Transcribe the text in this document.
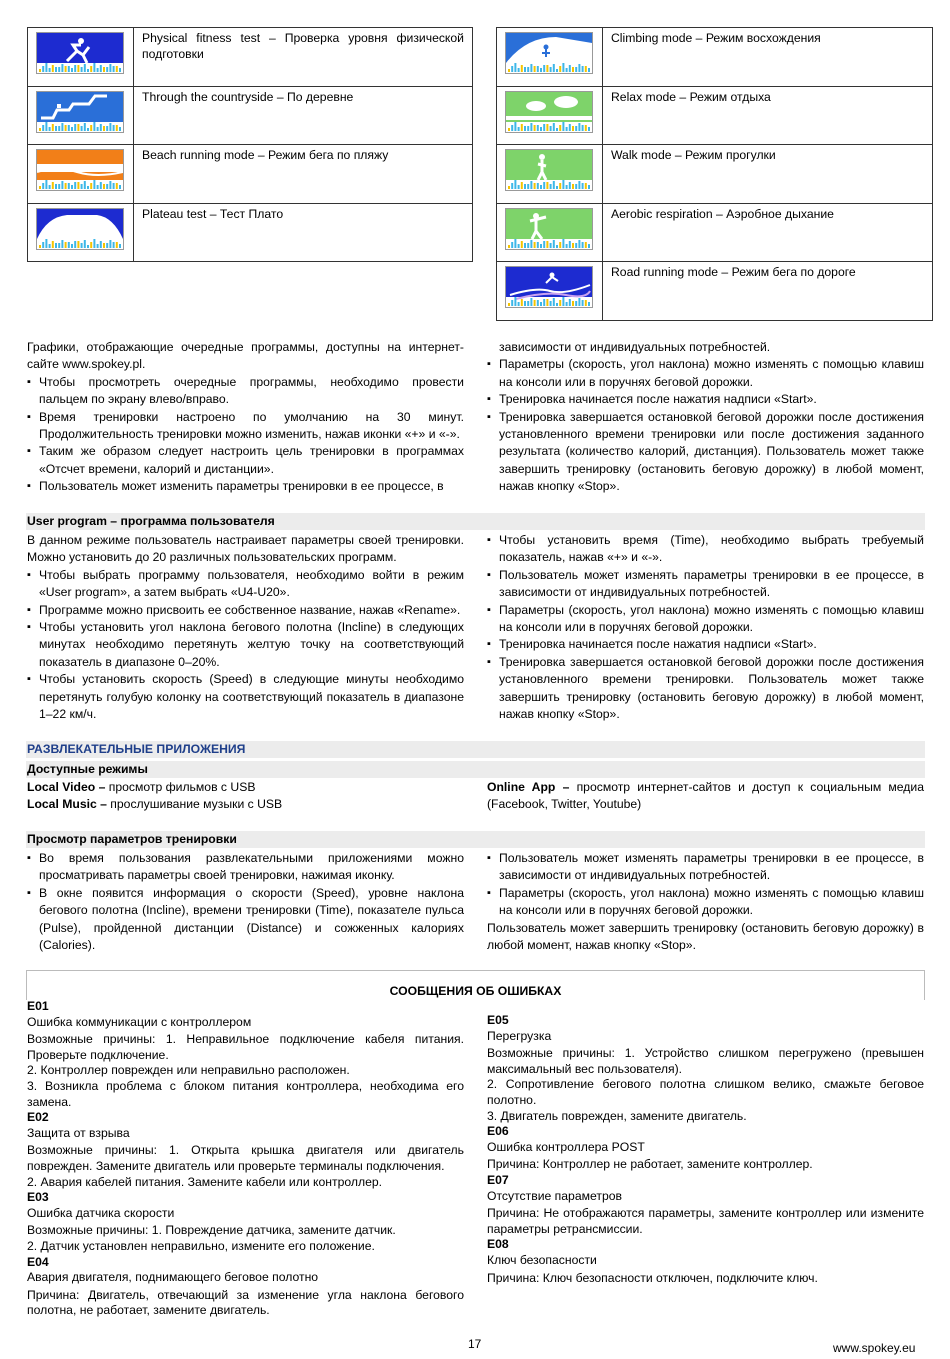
	Physical fitness test – Проверка уровня физической подготовки

	Through the countryside – По деревне

	Beach running mode – Режим бега по пляжу

	Plateau test – Тест Плато
	Climbing mode – Режим восхождения

	Relax mode – Режим отдыха

	Walk mode – Режим прогулки

	Aerobic respiration – Аэробное дыхание

	Road running mode – Режим бега по дороге

Графики, отображающие очередные программы, доступны на интернет-сайте www.spokey.pl.

▪ Чтобы просмотреть очередные программы, необходимо провести пальцем по экрану влево/вправо.
▪ Время тренировки настроено по умолчанию на 30 минут. Продолжительность тренировки можно изменить, нажав иконки «+» и «-».
▪ Таким же образом следует настроить цель тренировки в программах «Отсчет времени, калорий и дистанции».
▪ Пользователь может изменить параметры тренировки в ее процессе, в

зависимости от индивидуальных потребностей.

▪ Параметры (скорость, угол наклона) можно изменять с помощью клавиш на консоли или в поручнях беговой дорожки.
▪ Тренировка начинается после нажатия надписи «Start».
▪ Тренировка завершается остановкой беговой дорожки после достижения установленного времени тренировки или после достижения заданного результата (количество калорий, дистанция). Пользователь может также завершить тренировку (остановить беговую дорожку) в любой момент, нажав кнопку «Stop».
User program – программа пользователя

В данном режиме пользователь настраивает параметры своей тренировки. Можно установить до 20 различных пользовательских программ.

▪ Чтобы выбрать программу пользователя, необходимо войти в режим «User program», а затем выбрать «U4-U20».
▪ Программе можно присвоить ее собственное название, нажав «Rename».
▪ Чтобы установить угол наклона бегового полотна (Incline) в следующих минутах необходимо перетянуть желтую точку на соответствующий показатель в диапазоне 0–20%.
▪ Чтобы установить скорость (Speed) в следующие минуты необходимо перетянуть голубую колонку на соответствующий показатель в диапазоне 1–22 км/ч.
▪ Чтобы установить время (Time), необходимо выбрать требуемый показатель, нажав «+» и «-».
▪ Пользователь может изменять параметры тренировки в ее процессе, в зависимости от индивидуальных потребностей.
▪ Параметры (скорость, угол наклона) можно изменять с помощью клавиш на консоли или в поручнях беговой дорожки.
▪ Тренировка начинается после нажатия надписи «Start».
▪ Тренировка завершается остановкой беговой дорожки после достижения установленного времени тренировки. Пользователь может также завершить тренировку (остановить беговую дорожку) в любой момент, нажав кнопку «Stop».
РАЗВЛЕКАТЕЛЬНЫЕ ПРИЛОЖЕНИЯ
Доступные режимы

Local Video – просмотр фильмов с USB

Local Music – прослушивание музыки с USB

Online App – просмотр интернет-сайтов и доступ к социальным медиа (Facebook, Twitter, Youtube)

Просмотр параметров тренировки
▪ Во время пользования развлекательными приложениями можно просматривать параметры своей тренировки, нажимая иконку.
▪ В окне появится информация о скорости (Speed), уровне наклона бегового полотна (Incline), времени тренировки (Time), показателе пульса (Pulse), пройденной дистанции (Distance) и сожженных калориях (Calories).
▪ Пользователь может изменять параметры тренировки в ее процессе, в зависимости от индивидуальных потребностей.
▪ Параметры (скорость, угол наклона) можно изменять с помощью клавиш на консоли или в поручнях беговой дорожки.

Пользователь может завершить тренировку (остановить беговую дорожку) в любой момент, нажав кнопку «Stop».

СООБЩЕНИЯ ОБ ОШИБКАХ

E01

Ошибка коммуникации с контроллером

Возможные причины: 1. Неправильное подключение кабеля питания. Проверьте подключение.

2. Контроллер поврежден или неправильно расположен.

3. Возникла проблема с блоком питания контроллера, необходима его замена.

E02

Защита от взрыва

Возможные причины: 1. Открыта крышка двигателя или двигатель поврежден. Замените двигатель или проверьте терминалы подключения.

2. Авария кабелей питания. Замените кабели или контроллер.

E03

Ошибка датчика скорости

Возможные причины: 1. Повреждение датчика, замените датчик.

2. Датчик установлен неправильно, измените его положение.

E04

Авария двигателя, поднимающего беговое полотно

Причина: Двигатель, отвечающий за изменение угла наклона бегового полотна, не работает, замените двигатель.

E05

Перегрузка

Возможные причины: 1. Устройство слишком перегружено (превышен максимальный вес пользователя).

2. Сопротивление бегового полотна слишком велико, смажьте беговое полотно.

3. Двигатель поврежден, замените двигатель.

E06

Ошибка контроллера POST

Причина: Контроллер не работает, замените контроллер.

E07

Отсутствие параметров

Причина: Не отображаются параметры, замените контроллер или измените параметры ретрансмиссии.

E08

Ключ безопасности

Причина: Ключ безопасности отключен, подключите ключ.

17	www.spokey.eu
